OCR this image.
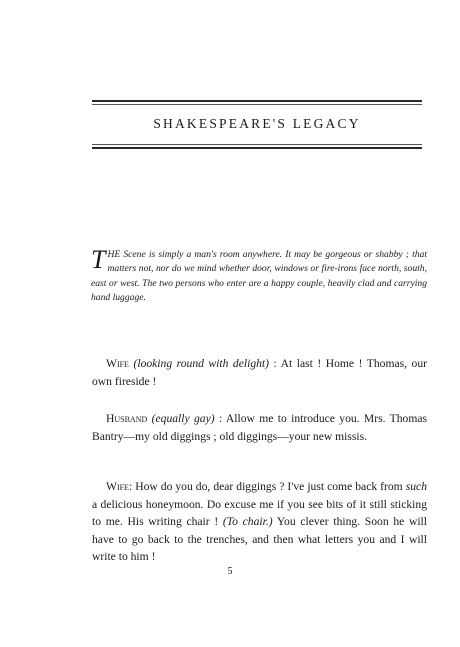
SHAKESPEARE'S LEGACY
THE Scene is simply a man's room anywhere. It may be gorgeous or shabby ; that matters not, nor do we mind whether door, windows or fire-irons face north, south, east or west. The two persons who enter are a happy couple, heavily clad and carrying hand luggage.
Wife (looking round with delight) : At last ! Home ! Thomas, our own fireside !
Husband (equally gay) : Allow me to introduce you. Mrs. Thomas Bantry—my old diggings ; old diggings—your new missis.
Wife: How do you do, dear diggings ? I've just come back from such a delicious honeymoon. Do excuse me if you see bits of it still sticking to me. His writing chair ! (To chair.) You clever thing. Soon he will have to go back to the trenches, and then what letters you and I will write to him !
5
